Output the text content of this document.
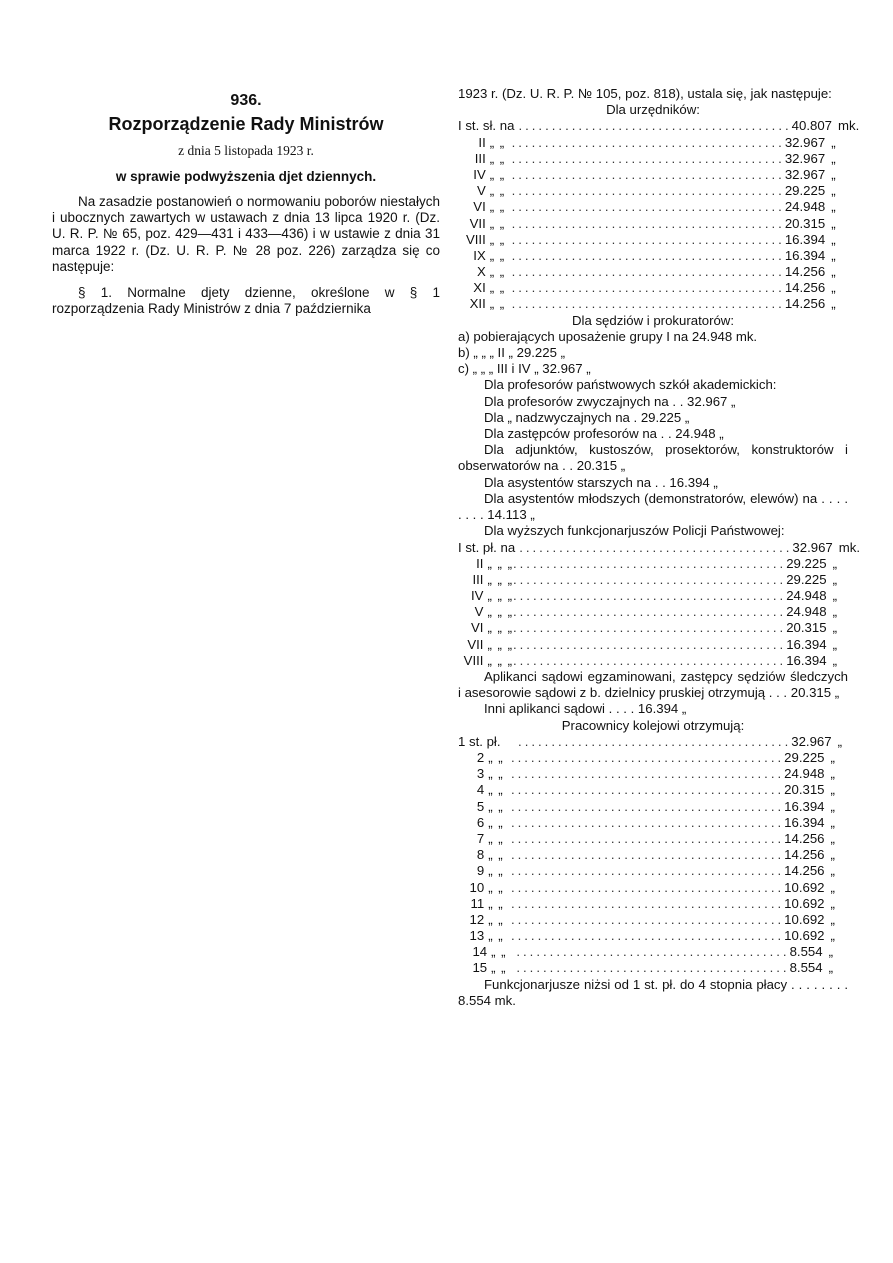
936.
Rozporządzenie Rady Ministrów
z dnia 5 listopada 1923 r.
w sprawie podwyższenia djet dziennych.

Na zasadzie postanowień o normowaniu poborów niestałych i ubocznych zawartych w ustawach z dnia 13 lipca 1920 r. (Dz. U. R. P. № 65, poz. 429—431 i 433—436) i w ustawie z dnia 31 marca 1922 r. (Dz. U. R. P. № 28 poz. 226) zarządza się co następuje:

§ 1. Normalne djety dzienne, określone w § 1 rozporządzenia Rady Ministrów z dnia 7 października

1923 r. (Dz. U. R. P. № 105, poz. 818), ustala się, jak następuje:

Dla urzędników:
I st. sł. na ......................................... 40.807 mk.
II „ „ ......................................... 32.967 „
III „ „ ......................................... 32.967 „
IV „ „ ......................................... 32.967 „
V „ „ ......................................... 29.225 „
VI „ „ ......................................... 24.948 „
VII „ „ ......................................... 20.315 „
VIII „ „ ......................................... 16.394 „
IX „ „ ......................................... 16.394 „
X „ „ ......................................... 14.256 „
XI „ „ ......................................... 14.256 „
XII „ „ ......................................... 14.256 „
Dla sędziów i prokuratorów:

a) pobierających uposażenie grupy I na 24.948 mk.

b) „ „ „ II „ 29.225 „

c) „ „ „ III i IV „ 32.967 „

Dla profesorów państwowych szkół akademickich:

Dla profesorów zwyczajnych na . . 32.967 „

Dla „ nadzwyczajnych na . 29.225 „

Dla zastępców profesorów na . . 24.948 „

Dla adjunktów, kustoszów, prosektorów, konstruktorów i obserwatorów na . . 20.315 „

Dla asystentów starszych na . . 16.394 „

Dla asystentów młodszych (demonstratorów, elewów) na . . . . . . . . 14.113 „

Dla wyższych funkcjonarjuszów Policji Państwowej:

I st. pł. na ......................................... 32.967 mk.
II „ „ „ ......................................... 29.225 „
III „ „ „ ......................................... 29.225 „
IV „ „ „ ......................................... 24.948 „
V „ „ „ ......................................... 24.948 „
VI „ „ „ ......................................... 20.315 „
VII „ „ „ ......................................... 16.394 „
VIII „ „ „ ......................................... 16.394 „

Aplikanci sądowi egzaminowani, zastępcy sędziów śledczych i asesorowie sądowi z b. dzielnicy pruskiej otrzymują . . . 20.315 „

Inni aplikanci sądowi . . . . 16.394 „

Pracownicy kolejowi otrzymują:
1 st. pł.	......................................... 32.967 „
2 „ „ ......................................... 29.225 „
3 „ „ ......................................... 24.948 „
4 „ „ ......................................... 20.315 „
5 „ „ ......................................... 16.394 „
6 „ „ ......................................... 16.394 „
7 „ „ ......................................... 14.256 „
8 „ „ ......................................... 14.256 „
9 „ „ ......................................... 14.256 „
10 „ „ ......................................... 10.692 „
11 „ „ ......................................... 10.692 „
12 „ „ ......................................... 10.692 „
13 „ „ ......................................... 10.692 „
14 „ „ ......................................... 8.554 „
15 „ „ ......................................... 8.554 „

Funkcjonarjusze niżsi od 1 st. pł. do 4 stopnia płacy . . . . . . . . 8.554 mk.
